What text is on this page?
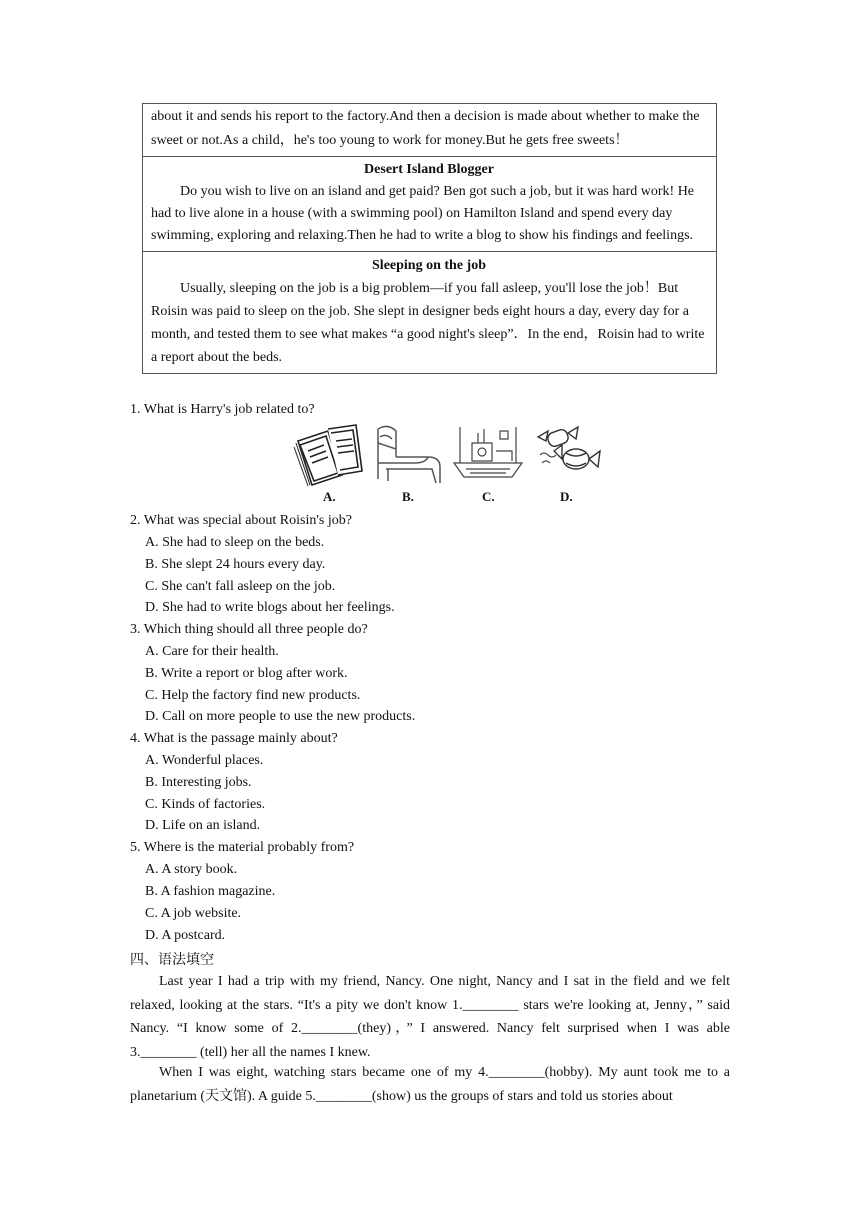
about it and sends his report to the factory.And then a decision is made about whether to make the sweet or not.As a child，he's too young to work for money.But he gets free sweets！

Desert Island Blogger

Do you wish to live on an island and get paid? Ben got such a job, but it was hard work! He had to live alone in a house (with a swimming pool) on Hamilton Island and spend every day swimming, exploring and relaxing.Then he had to write a blog to show his findings and feelings.

Sleeping on the job

Usually, sleeping on the job is a big problem—if you fall asleep, you'll lose the job！But Roisin was paid to sleep on the job. She slept in designer beds eight hours a day, every day for a month, and tested them to see what makes “a good night's sleep”．In the end，Roisin had to write a report about the beds.

1. What is Harry's job related to?
A.	B.	C.	D.
2. What was special about Roisin's job?
A. She had to sleep on the beds.
B. She slept 24 hours every day.
C. She can't fall asleep on the job.
D. She had to write blogs about her feelings.
3. Which thing should all three people do?
A. Care for their health.
B. Write a report or blog after work.
C. Help the factory find new products.
D. Call on more people to use the new products.
4. What is the passage mainly about?
A. Wonderful places.
B. Interesting jobs.
C. Kinds of factories.
D. Life on an island.
5. Where is the material probably from?
A. A story book.
B. A fashion magazine.
C. A job website.
D. A postcard.
四、语法填空
Last year I had a trip with my friend, Nancy. One night, Nancy and I sat in the field and we felt relaxed, looking at the stars. “It's a pity we don't know 1.________ stars we're looking at, Jenny，” said Nancy. “I know some of 2.________(they)，” I answered. Nancy felt surprised when I was able 3.________ (tell) her all the names I knew.
When I was eight, watching stars became one of my 4.________(hobby). My aunt took me to a planetarium (天文馆). A guide 5.________(show) us the groups of stars and told us stories about
